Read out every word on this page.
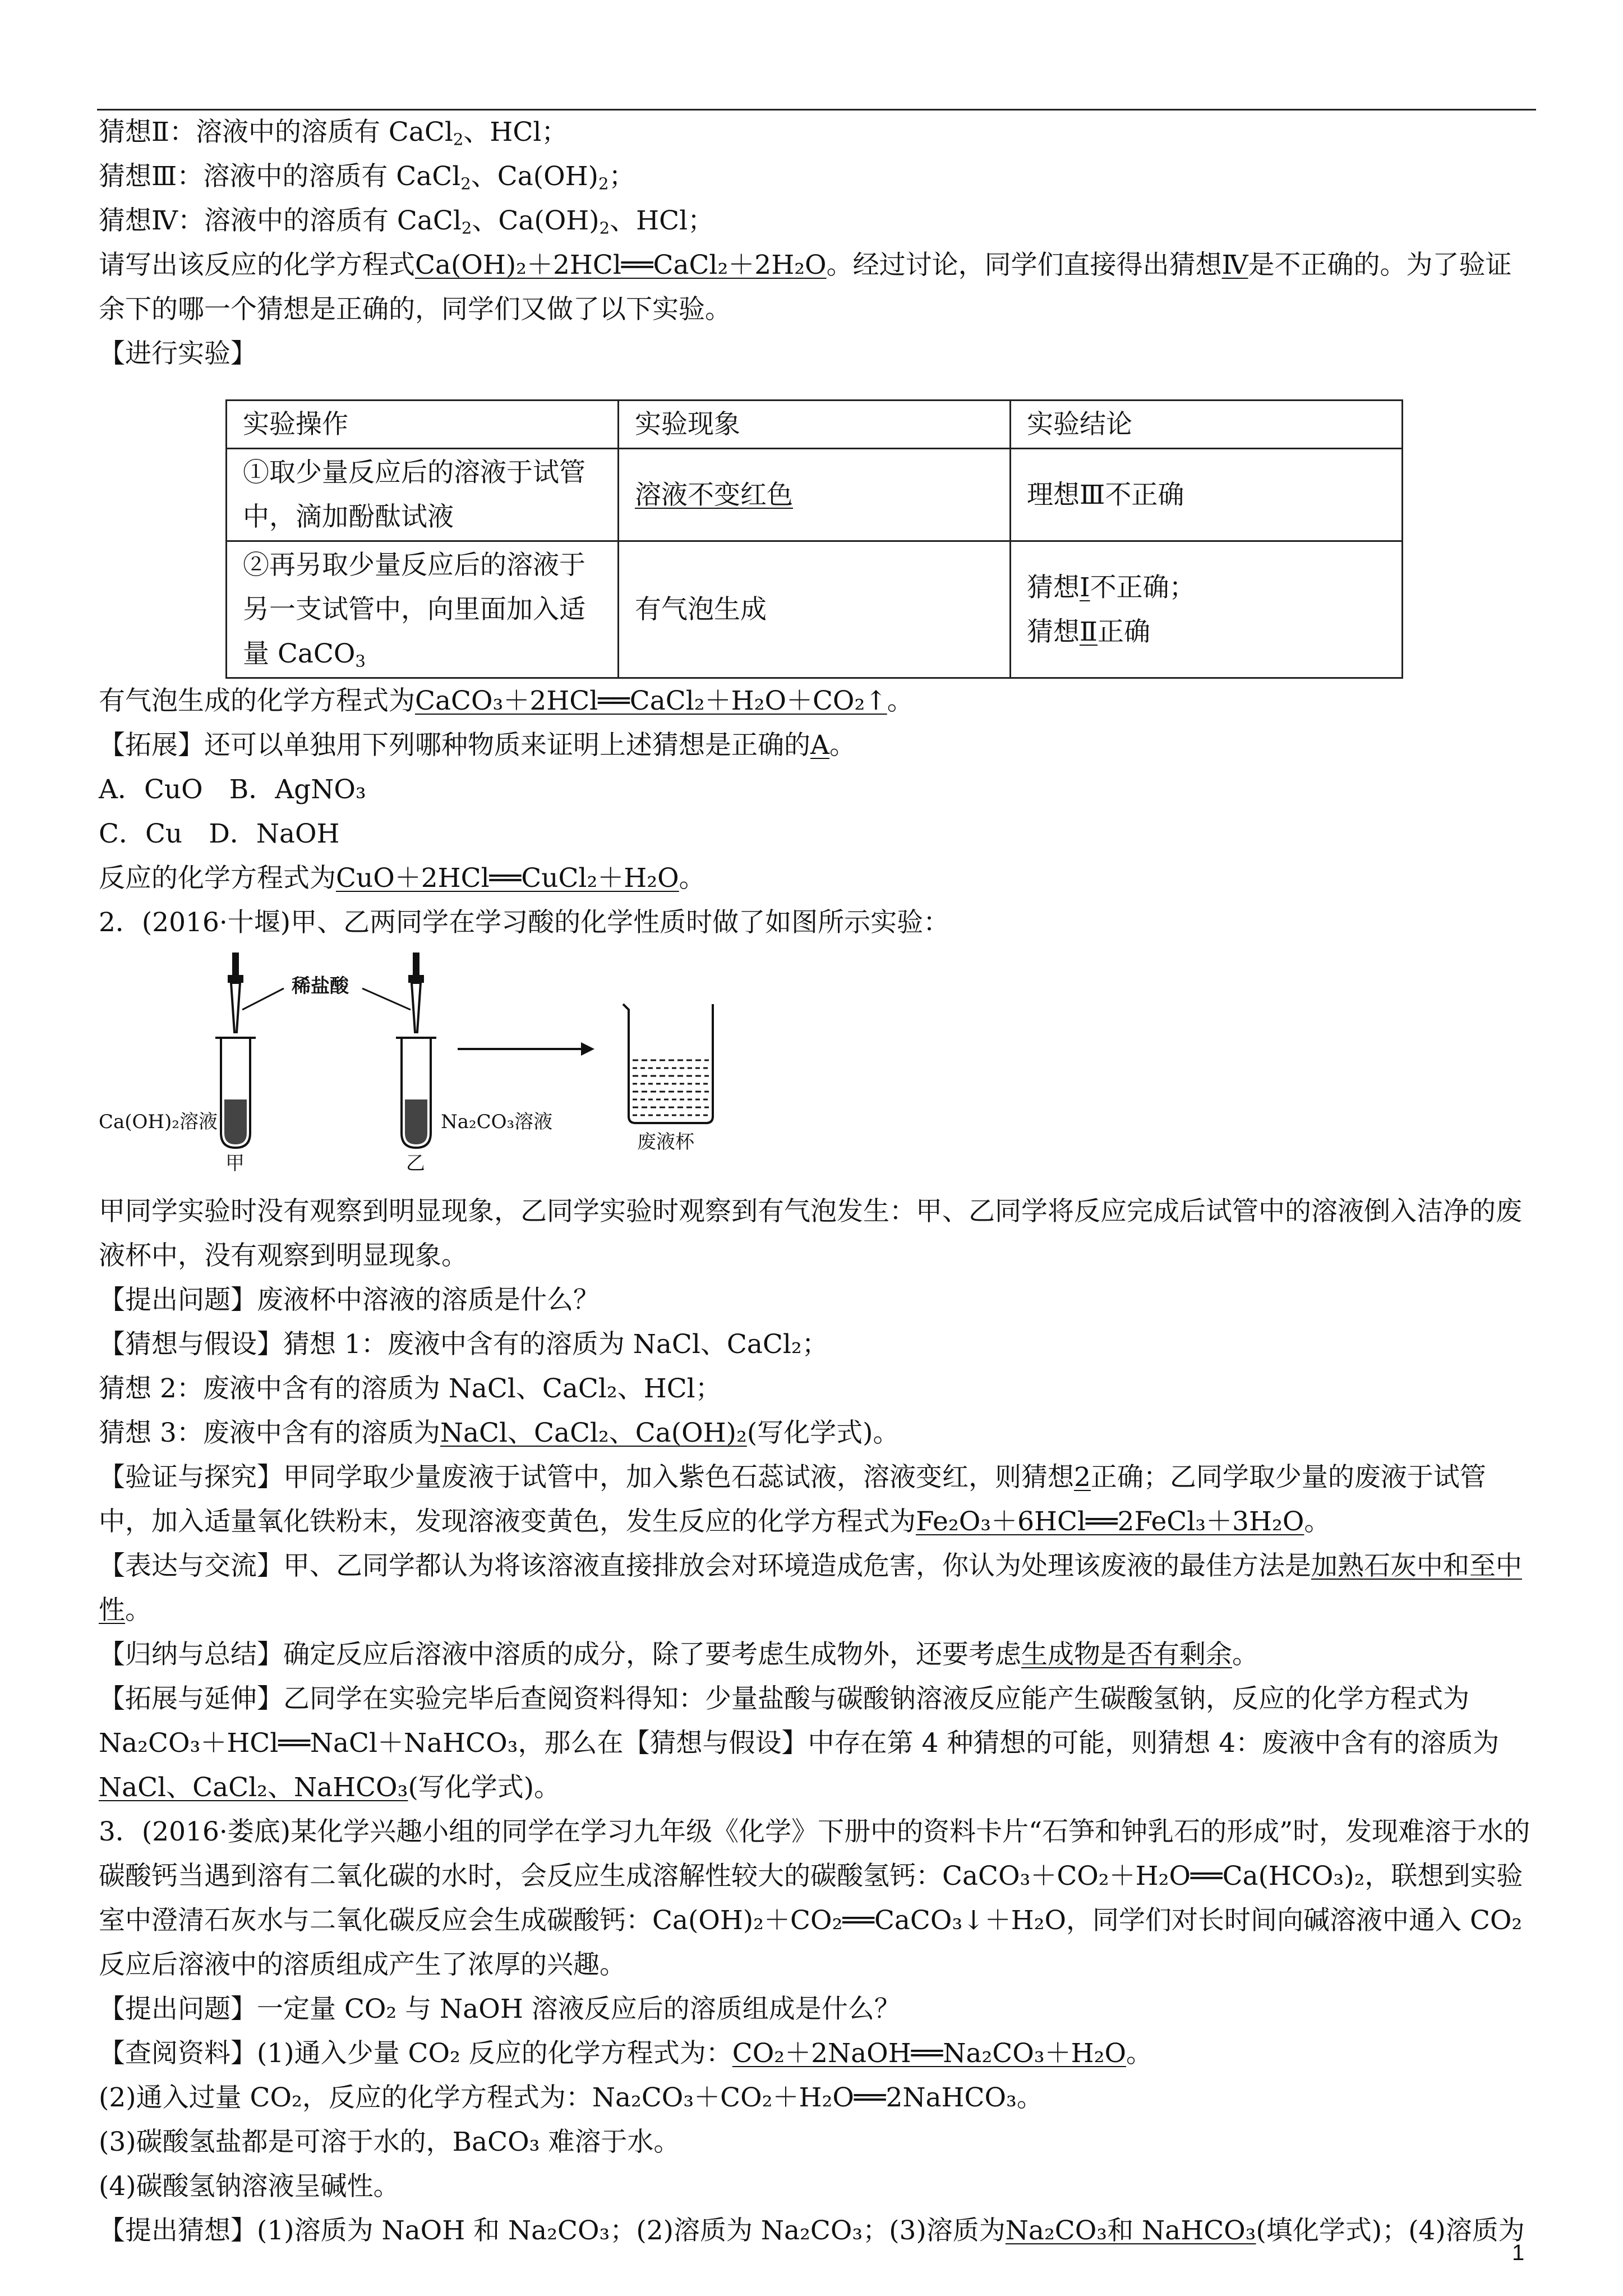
猜想Ⅱ：溶液中的溶质有 CaCl$_2$、HCl；

猜想Ⅲ：溶液中的溶质有 CaCl$_2$、$Ca(OH)_2$；

猜想Ⅳ：溶液中的溶质有 CaCl$_2$、$Ca(OH)_2$、HCl；

请写出该反应的化学方程式Ca(OH)₂＋2HCl══CaCl₂＋2H₂O。经过讨论，同学们直接得出猜想Ⅳ是不正确的。为了验证余下的哪一个猜想是正确的，同学们又做了以下实验。

【进行实验】

实验操作	实验现象	实验结论
①取少量反应后的溶液于试管中，滴加酚酞试液	溶液不变红色	理想Ⅲ不正确
②再另取少量反应后的溶液于另一支试管中，向里面加入适量 CaCO$_3$	有气泡生成	猜想Ⅰ不正确；
猜想Ⅱ正确

有气泡生成的化学方程式为CaCO₃＋2HCl══CaCl₂＋H₂O＋CO₂↑。

【拓展】还可以单独用下列哪种物质来证明上述猜想是正确的A。

A．CuO　B．AgNO₃

C．Cu　D．NaOH

反应的化学方程式为CuO＋2HCl══CuCl₂＋H₂O。

2．(2016·十堰)甲、乙两同学在学习酸的化学性质时做了如图所示实验：

稀盐酸
Ca(OH)₂溶液	Na₂CO₃溶液
甲	乙
废液杯

甲同学实验时没有观察到明显现象，乙同学实验时观察到有气泡发生：甲、乙同学将反应完成后试管中的溶液倒入洁净的废液杯中，没有观察到明显现象。

【提出问题】废液杯中溶液的溶质是什么？

【猜想与假设】猜想 1：废液中含有的溶质为 NaCl、CaCl₂；

猜想 2：废液中含有的溶质为 NaCl、CaCl₂、HCl；

猜想 3：废液中含有的溶质为NaCl、CaCl₂、Ca(OH)₂(写化学式)。

【验证与探究】甲同学取少量废液于试管中，加入紫色石蕊试液，溶液变红，则猜想2正确；乙同学取少量的废液于试管中，加入适量氧化铁粉末，发现溶液变黄色，发生反应的化学方程式为Fe₂O₃＋6HCl══2FeCl₃＋3H₂O。

【表达与交流】甲、乙同学都认为将该溶液直接排放会对环境造成危害，你认为处理该废液的最佳方法是加熟石灰中和至中性。

【归纳与总结】确定反应后溶液中溶质的成分，除了要考虑生成物外，还要考虑生成物是否有剩余。

【拓展与延伸】乙同学在实验完毕后查阅资料得知：少量盐酸与碳酸钠溶液反应能产生碳酸氢钠，反应的化学方程式为 Na₂CO₃＋HCl══NaCl＋NaHCO₃，那么在【猜想与假设】中存在第 4 种猜想的可能，则猜想 4：废液中含有的溶质为NaCl、CaCl₂、NaHCO₃(写化学式)。

3．(2016·娄底)某化学兴趣小组的同学在学习九年级《化学》下册中的资料卡片“石笋和钟乳石的形成”时，发现难溶于水的碳酸钙当遇到溶有二氧化碳的水时，会反应生成溶解性较大的碳酸氢钙：CaCO₃＋CO₂＋H₂O══Ca(HCO₃)₂，联想到实验室中澄清石灰水与二氧化碳反应会生成碳酸钙：Ca(OH)₂＋CO₂══CaCO₃↓＋H₂O，同学们对长时间向碱溶液中通入 CO₂ 反应后溶液中的溶质组成产生了浓厚的兴趣。

【提出问题】一定量 CO₂ 与 NaOH 溶液反应后的溶质组成是什么？

【查阅资料】(1)通入少量 CO₂ 反应的化学方程式为：CO₂＋2NaOH══Na₂CO₃＋H₂O。

(2)通入过量 CO₂，反应的化学方程式为：Na₂CO₃＋CO₂＋H₂O══2NaHCO₃。

(3)碳酸氢盐都是可溶于水的，BaCO₃ 难溶于水。

(4)碳酸氢钠溶液呈碱性。

【提出猜想】(1)溶质为 NaOH 和 Na₂CO₃；(2)溶质为 Na₂CO₃；(3)溶质为Na₂CO₃和 NaHCO₃(填化学式)；(4)溶质为

1
